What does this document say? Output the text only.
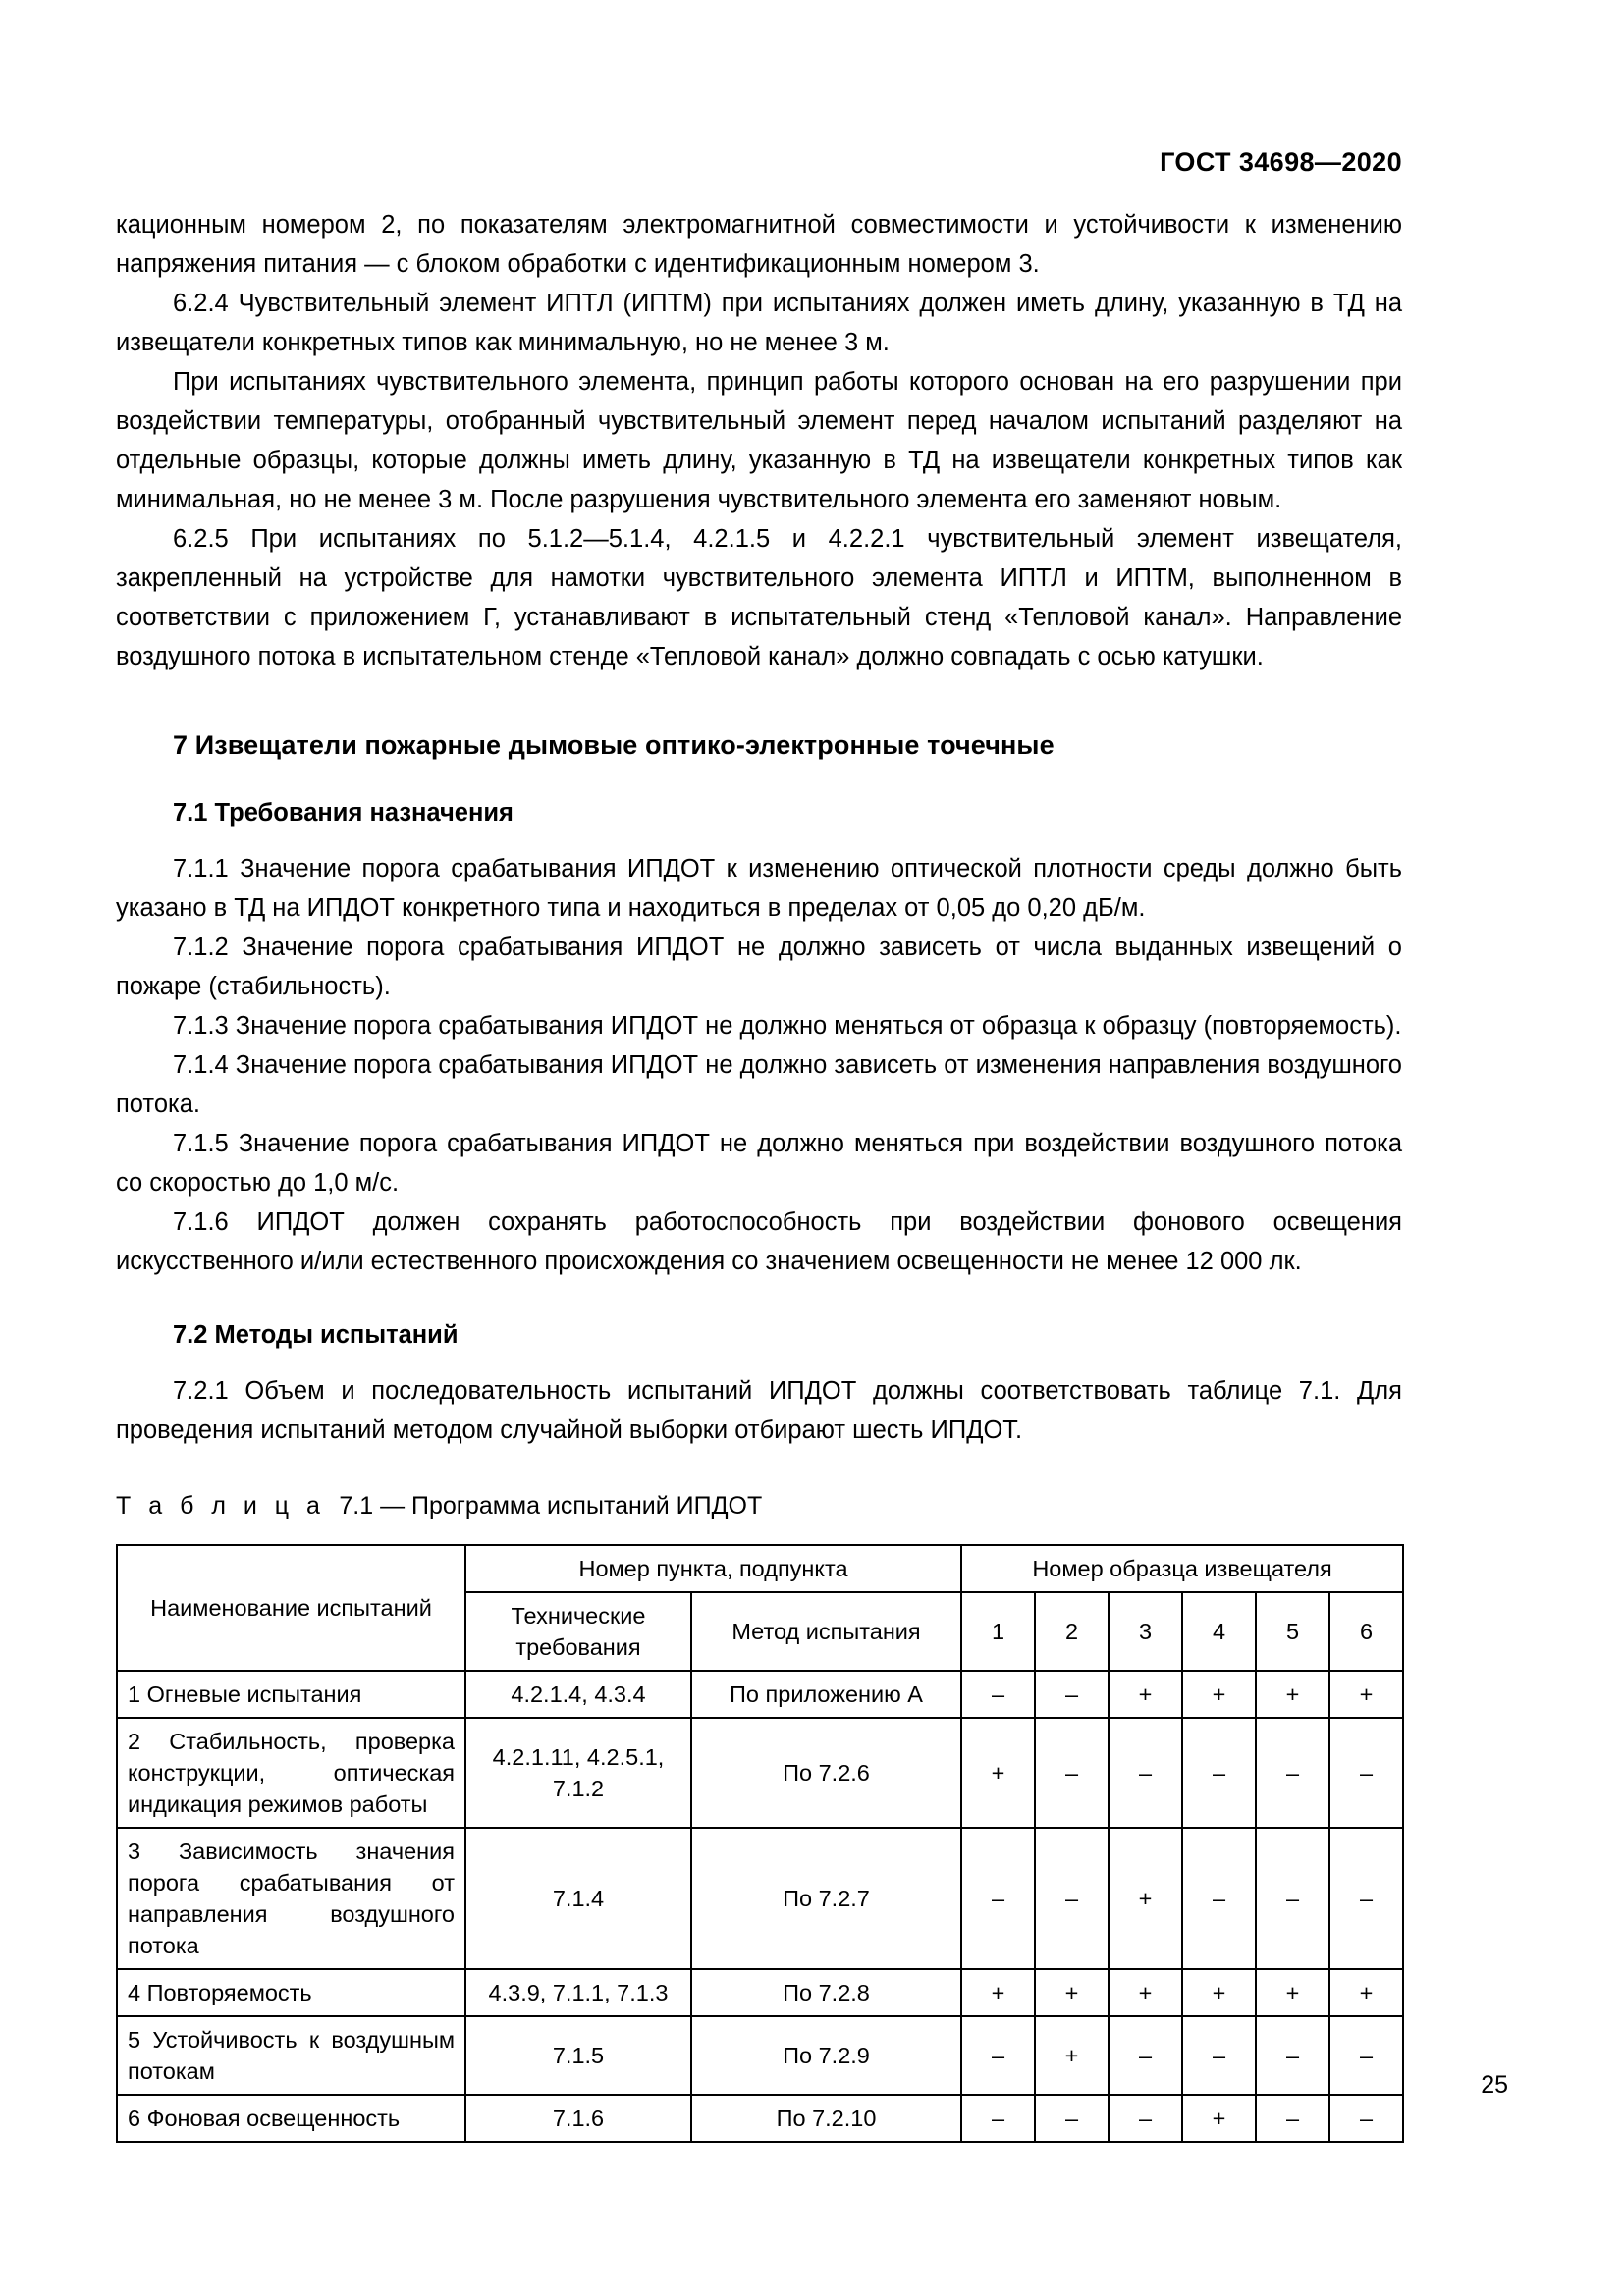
ГОСТ 34698—2020

кационным номером 2, по показателям электромагнитной совместимости и устойчивости к изменению напряжения питания — с блоком обработки с идентификационным номером 3.

6.2.4 Чувствительный элемент ИПТЛ (ИПТМ) при испытаниях должен иметь длину, указанную в ТД на извещатели конкретных типов как минимальную, но не менее 3 м.

При испытаниях чувствительного элемента, принцип работы которого основан на его разрушении при воздействии температуры, отобранный чувствительный элемент перед началом испытаний разделяют на отдельные образцы, которые должны иметь длину, указанную в ТД на извещатели конкретных типов как минимальная, но не менее 3 м. После разрушения чувствительного элемента его заменяют новым.

6.2.5 При испытаниях по 5.1.2—5.1.4, 4.2.1.5 и 4.2.2.1 чувствительный элемент извещателя, закрепленный на устройстве для намотки чувствительного элемента ИПТЛ и ИПТМ, выполненном в соответствии с приложением Г, устанавливают в испытательный стенд «Тепловой канал». Направление воздушного потока в испытательном стенде «Тепловой канал» должно совпадать с осью катушки.

7 Извещатели пожарные дымовые оптико-электронные точечные
7.1 Требования назначения

7.1.1 Значение порога срабатывания ИПДОТ к изменению оптической плотности среды должно быть указано в ТД на ИПДОТ конкретного типа и находиться в пределах от 0,05 до 0,20 дБ/м.

7.1.2 Значение порога срабатывания ИПДОТ не должно зависеть от числа выданных извещений о пожаре (стабильность).

7.1.3 Значение порога срабатывания ИПДОТ не должно меняться от образца к образцу (повторяемость).

7.1.4 Значение порога срабатывания ИПДОТ не должно зависеть от изменения направления воздушного потока.

7.1.5 Значение порога срабатывания ИПДОТ не должно меняться при воздействии воздушного потока со скоростью до 1,0 м/с.

7.1.6 ИПДОТ должен сохранять работоспособность при воздействии фонового освещения искусственного и/или естественного происхождения со значением освещенности не менее 12 000 лк.

7.2 Методы испытаний

7.2.1 Объем и последовательность испытаний ИПДОТ должны соответствовать таблице 7.1. Для проведения испытаний методом случайной выборки отбирают шесть ИПДОТ.

Т а б л и ц а 7.1 — Программа испытаний ИПДОТ

Наименование испытаний	Номер пункта, подпункта		Номер образца извещателя					
	Технические требования	Метод испытания	1	2	3	4	5	6
1 Огневые испытания	4.2.1.4, 4.3.4	По приложению А	–	–	+	+	+	+
2 Стабильность, проверка конструкции, оптическая индикация режимов работы	4.2.1.11, 4.2.5.1, 7.1.2	По 7.2.6	+	–	–	–	–	–
3 Зависимость значения порога срабатывания от направления воздушного потока	7.1.4	По 7.2.7	–	–	+	–	–	–
4 Повторяемость	4.3.9, 7.1.1, 7.1.3	По 7.2.8	+	+	+	+	+	+
5 Устойчивость к воздушным потокам	7.1.5	По 7.2.9	–	+	–	–	–	–
6 Фоновая освещенность	7.1.6	По 7.2.10	–	–	–	+	–	–
25
